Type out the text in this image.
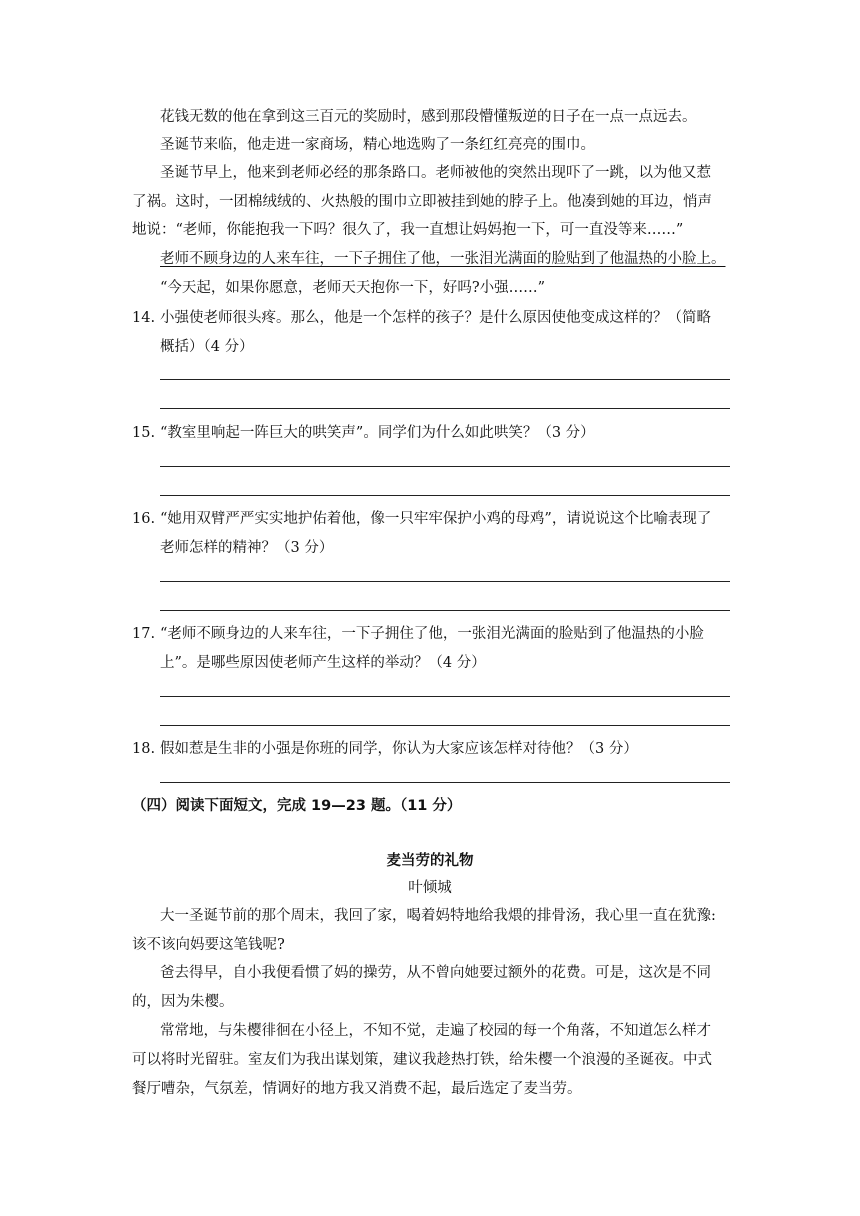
花钱无数的他在拿到这三百元的奖励时，感到那段懵懂叛逆的日子在一点一点远去。
圣诞节来临，他走进一家商场，精心地选购了一条红红亮亮的围巾。
圣诞节早上，他来到老师必经的那条路口。老师被他的突然出现吓了一跳，以为他又惹
了祸。这时，一团棉绒绒的、火热般的围巾立即被挂到她的脖子上。他凑到她的耳边，悄声
地说：“老师，你能抱我一下吗？很久了，我一直想让妈妈抱一下，可一直没等来……”
老师不顾身边的人来车往，一下子拥住了他，一张泪光满面的脸贴到了他温热的小脸上。
“今天起，如果你愿意，老师天天抱你一下，好吗?小强……”
14. 小强使老师很头疼。那么，他是一个怎样的孩子？是什么原因使他变成这样的？（简略
概括）（4 分）
15. “教室里响起一阵巨大的哄笑声”。同学们为什么如此哄笑？（3 分）
16. “她用双臂严严实实地护佑着他，像一只牢牢保护小鸡的母鸡”，请说说这个比喻表现了
老师怎样的精神？（3 分）
17. “老师不顾身边的人来车往，一下子拥住了他，一张泪光满面的脸贴到了他温热的小脸
上”。是哪些原因使老师产生这样的举动？（4 分）
18. 假如惹是生非的小强是你班的同学，你认为大家应该怎样对待他？（3 分）
（四）阅读下面短文，完成 19—23 题。（11 分）
麦当劳的礼物
叶倾城
大一圣诞节前的那个周末，我回了家，喝着妈特地给我煨的排骨汤，我心里一直在犹豫:
该不该向妈要这笔钱呢?
爸去得早，自小我便看惯了妈的操劳，从不曾向她要过额外的花费。可是，这次是不同
的，因为朱樱。
常常地，与朱樱徘徊在小径上，不知不觉，走遍了校园的每一个角落，不知道怎么样才
可以将时光留驻。室友们为我出谋划策，建议我趁热打铁，给朱樱一个浪漫的圣诞夜。中式
餐厅嘈杂，气氛差，情调好的地方我又消费不起，最后选定了麦当劳。
